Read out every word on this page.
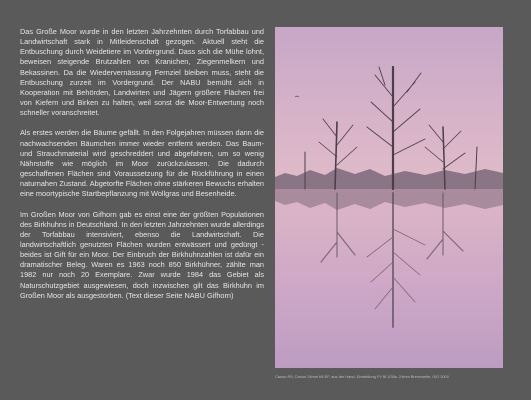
Das Große Moor wurde in den letzten Jahrzehnten durch Torfabbau und Landwirtschaft stark in Mitleidenschaft gezogen. Aktuell steht die Entbuschung durch Weidetiere im Vordergrund. Dass sich die Mühe lohnt, beweisen steigende Brutzahlen von Kranichen, Ziegenmelkern und Bekassinen. Da die Wiedervernässung Fernziel bleiben muss, steht die Entbuschung zurzeit im Vordergrund. Der NABU bemüht sich in Kooperation mit Behörden, Landwirten und Jägern größere Flächen frei von Kiefern und Birken zu halten, weil sonst die Moor-Entwertung noch schneller voranschreitet.

Als erstes werden die Bäume gefällt. In den Folgejahren müssen dann die nachwachsenden Bäumchen immer wieder entfernt werden. Das Baum- und Strauchmaterial wird geschreddert und abgefahren, um so wenig Nährstoffe wie möglich im Moor zurückzulassen. Die dadurch geschaffenen Flächen sind Voraussetzung für die Rückführung in einen naturnahen Zustand. Abgetorfte Flächen ohne stärkeren Bewuchs erhalten eine moortypische Startbepflanzung mit Wollgras und Besenheide.

Im Großen Moor von Gifhorn gab es einst eine der größten Populationen des Birkhuhns in Deutschland. In den letzten Jahrzehnten wurde allerdings der Torfabbau intensiviert, ebenso die Landwirtschaft. Die landwirtschaftlich genutzten Flächen wurden entwässert und gedüngt - beides ist Gift für ein Moor. Der Einbruch der Birkhuhnzahlen ist dafür ein dramatischer Beleg. Waren es 1963 noch 850 Birkhühner, zählte man 1982 nur noch 20 Exemplare. Zwar wurde 1984 das Gebiet als Naturschutzgebiet ausgewiesen, doch inzwischen gilt das Birkhuhn im Großen Moor als ausgestorben. (Text dieser Seite NABU Gifhorn)

Canon R5, Canon 24mm f/8 EF, aus der Hand, Einstellung FV f8 1/30s, 24mm Brennweite, ISO 2000
